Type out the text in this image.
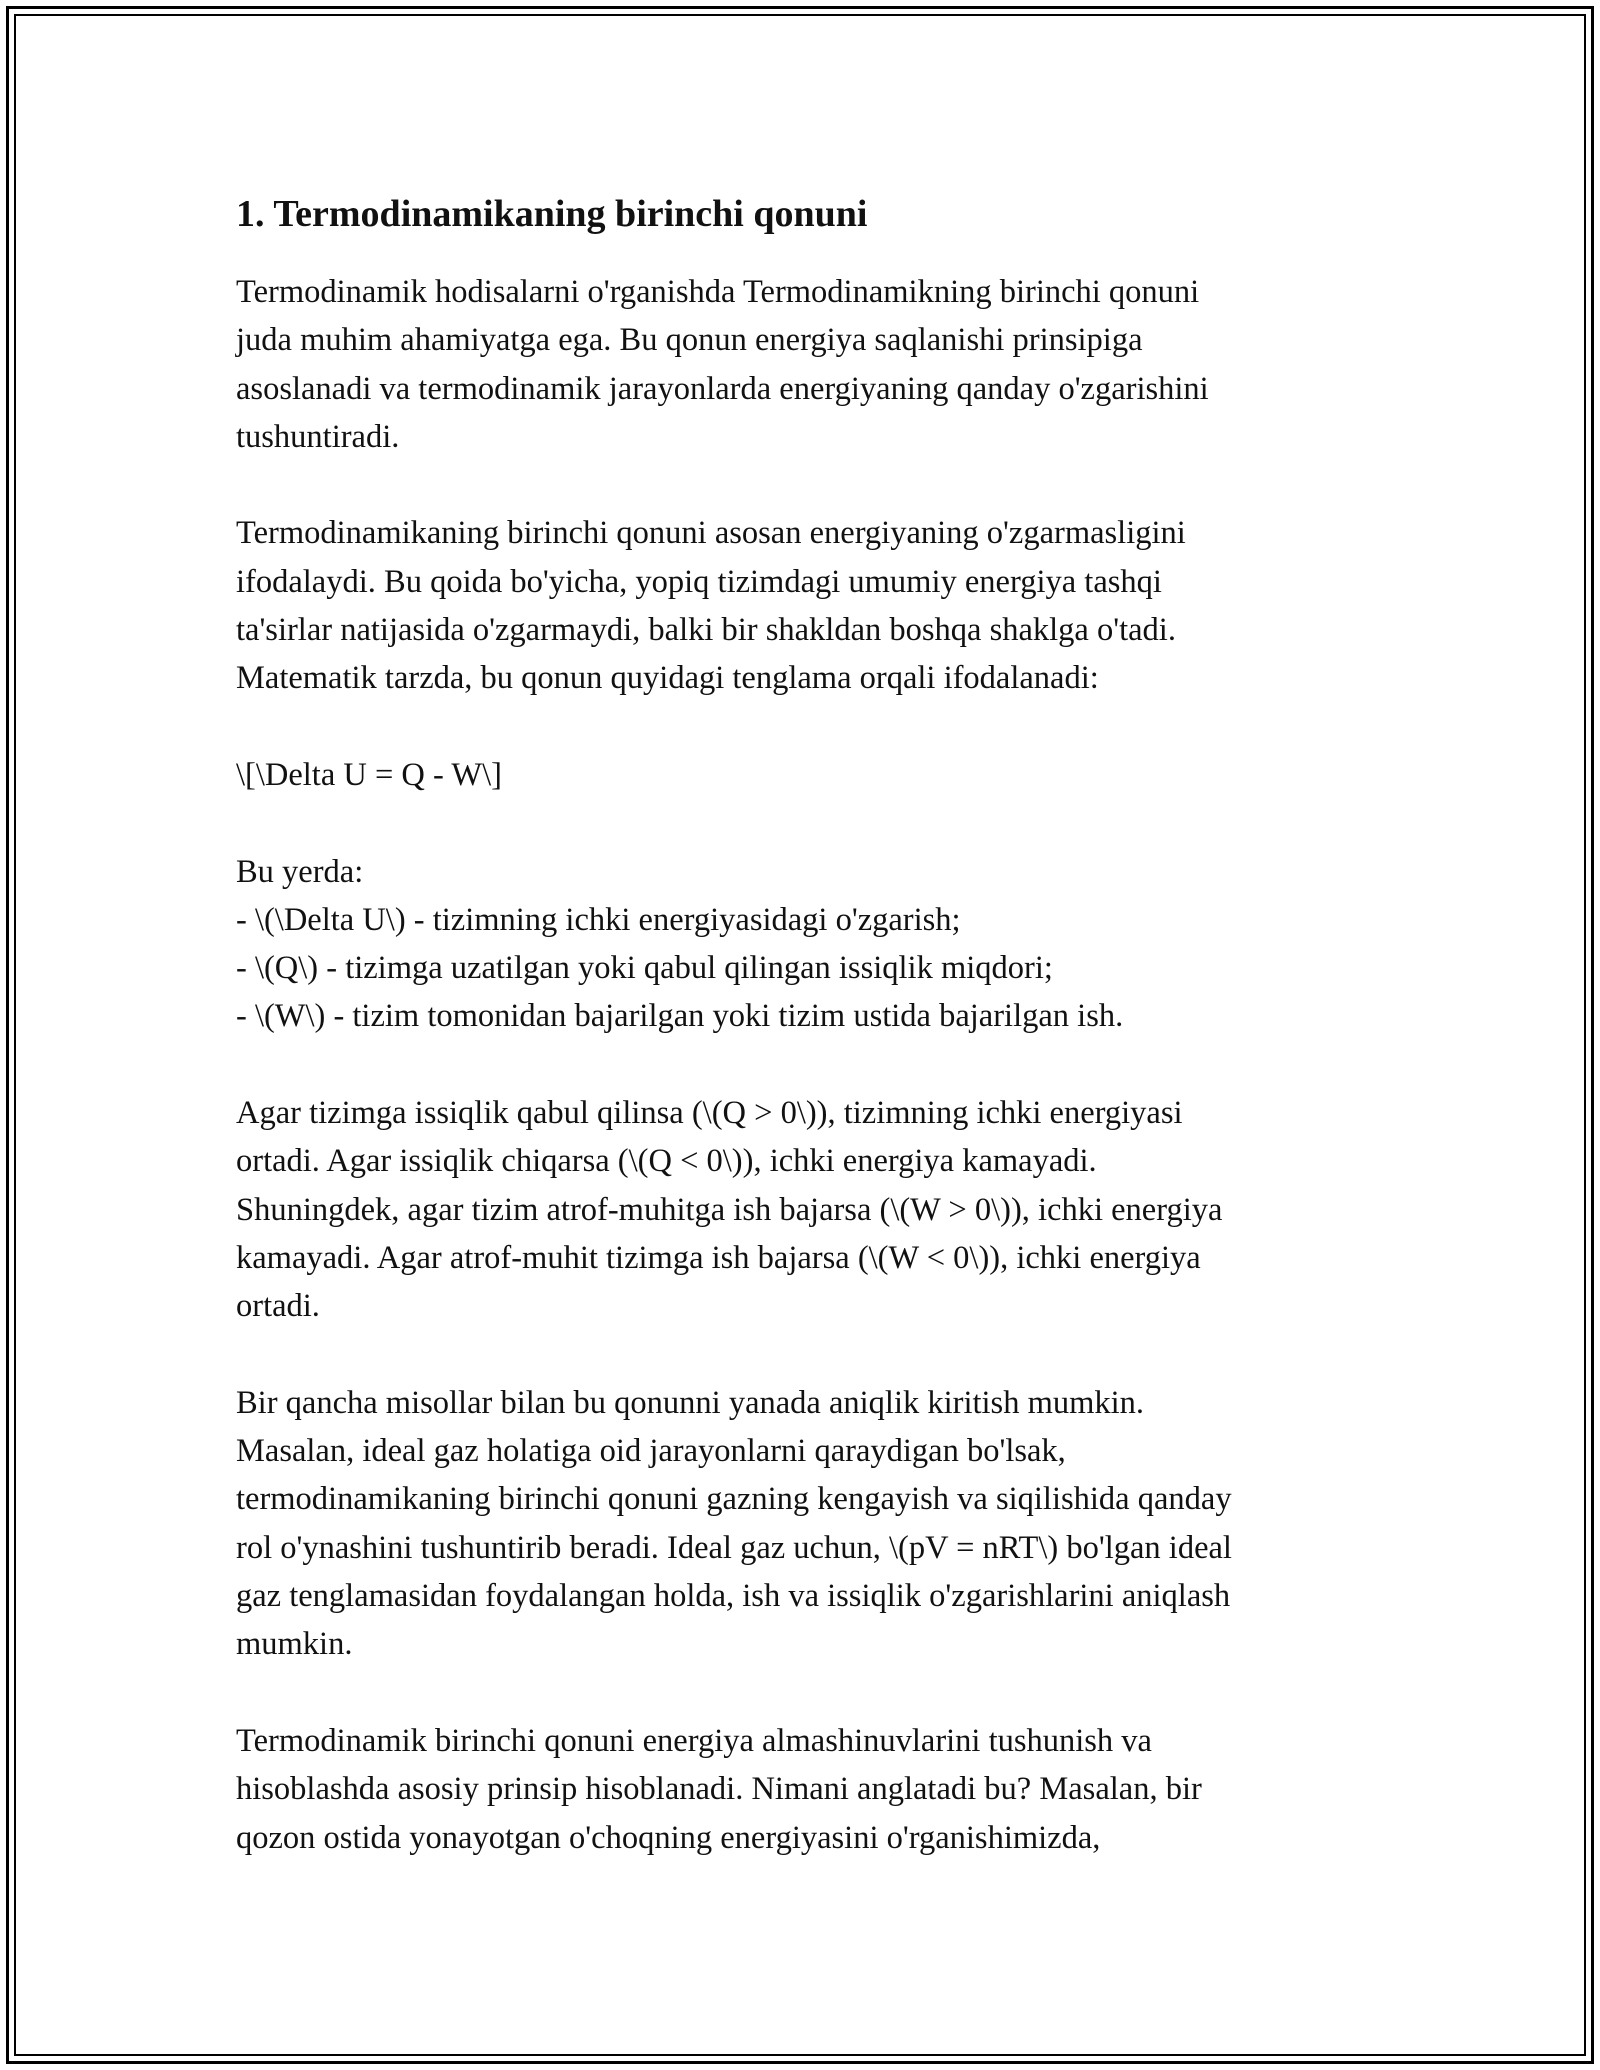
1. Termodinamikaning birinchi qonuni
Termodinamik hodisalarni o'rganishda Termodinamikning birinchi qonuni
juda muhim ahamiyatga ega. Bu qonun energiya saqlanishi prinsipiga
asoslanadi va termodinamik jarayonlarda energiyaning qanday o'zgarishini
tushuntiradi.
Termodinamikaning birinchi qonuni asosan energiyaning o'zgarmasligini
ifodalaydi. Bu qoida bo'yicha, yopiq tizimdagi umumiy energiya tashqi
ta'sirlar natijasida o'zgarmaydi, balki bir shakldan boshqa shaklga o'tadi.
Matematik tarzda, bu qonun quyidagi tenglama orqali ifodalanadi:
\[\Delta U = Q - W\]
Bu yerda:
- \(\Delta U\) - tizimning ichki energiyasidagi o'zgarish;
- \(Q\) - tizimga uzatilgan yoki qabul qilingan issiqlik miqdori;
- \(W\) - tizim tomonidan bajarilgan yoki tizim ustida bajarilgan ish.
Agar tizimga issiqlik qabul qilinsa (\(Q > 0\)), tizimning ichki energiyasi
ortadi. Agar issiqlik chiqarsa (\(Q < 0\)), ichki energiya kamayadi.
Shuningdek, agar tizim atrof-muhitga ish bajarsa (\(W > 0\)), ichki energiya
kamayadi. Agar atrof-muhit tizimga ish bajarsa (\(W < 0\)), ichki energiya
ortadi.
Bir qancha misollar bilan bu qonunni yanada aniqlik kiritish mumkin.
Masalan, ideal gaz holatiga oid jarayonlarni qaraydigan bo'lsak,
termodinamikaning birinchi qonuni gazning kengayish va siqilishida qanday
rol o'ynashini tushuntirib beradi. Ideal gaz uchun, \(pV = nRT\) bo'lgan ideal
gaz tenglamasidan foydalangan holda, ish va issiqlik o'zgarishlarini aniqlash
mumkin.
Termodinamik birinchi qonuni energiya almashinuvlarini tushunish va
hisoblashda asosiy prinsip hisoblanadi. Nimani anglatadi bu? Masalan, bir
qozon ostida yonayotgan o'choqning energiyasini o'rganishimizda,
